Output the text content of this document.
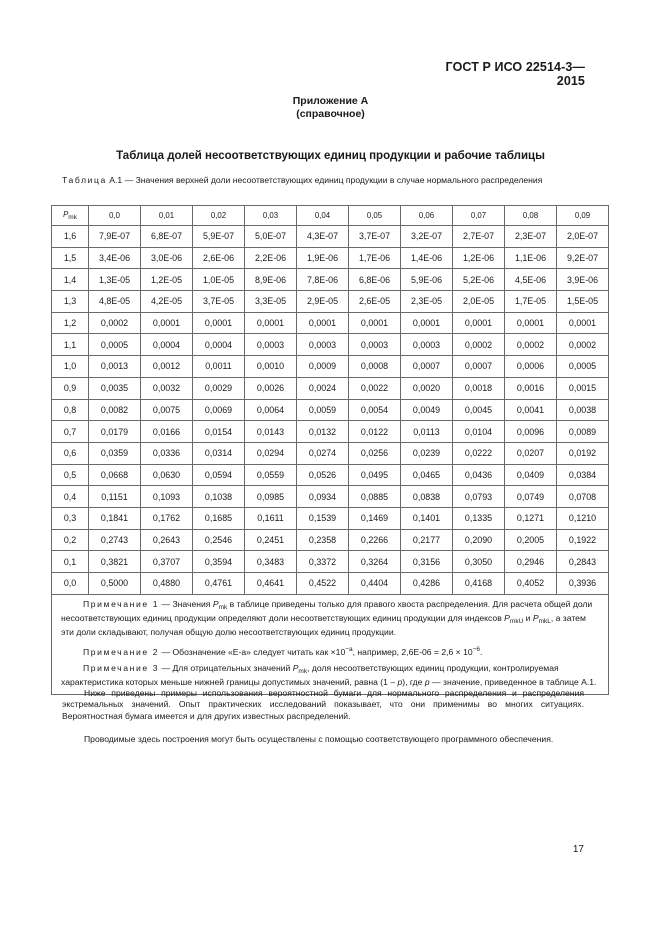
ГОСТ Р ИСО 22514-3—2015
Приложение А
(справочное)
Таблица долей несоответствующих единиц продукции и рабочие таблицы
Таблица А.1 — Значения верхней доли несоответствующих единиц продукции в случае нормального распределения
$P_{mk}$	0,0	0,01	0,02	0,03	0,04	0,05	0,06	0,07	0,08	0,09
1,6	7,9E-07	6,8E-07	5,9E-07	5,0E-07	4,3E-07	3,7E-07	3,2E-07	2,7E-07	2,3E-07	2,0E-07
1,5	3,4E-06	3,0E-06	2,6E-06	2,2E-06	1,9E-06	1,7E-06	1,4E-06	1,2E-06	1,1E-06	9,2E-07
1,4	1,3E-05	1,2E-05	1,0E-05	8,9E-06	7,8E-06	6,8E-06	5,9E-06	5,2E-06	4,5E-06	3,9E-06
1,3	4,8E-05	4,2E-05	3,7E-05	3,3E-05	2,9E-05	2,6E-05	2,3E-05	2,0E-05	1,7E-05	1,5E-05
1,2	0,0002	0,0001	0,0001	0,0001	0,0001	0,0001	0,0001	0,0001	0,0001	0,0001
1,1	0,0005	0,0004	0,0004	0,0003	0,0003	0,0003	0,0003	0,0002	0,0002	0,0002
1,0	0,0013	0,0012	0,0011	0,0010	0,0009	0,0008	0,0007	0,0007	0,0006	0,0005
0,9	0,0035	0,0032	0,0029	0,0026	0,0024	0,0022	0,0020	0,0018	0,0016	0,0015
0,8	0,0082	0,0075	0,0069	0,0064	0,0059	0,0054	0,0049	0,0045	0,0041	0,0038
0,7	0,0179	0,0166	0,0154	0,0143	0,0132	0,0122	0,0113	0,0104	0,0096	0,0089
0,6	0,0359	0,0336	0,0314	0,0294	0,0274	0,0256	0,0239	0,0222	0,0207	0,0192
0,5	0,0668	0,0630	0,0594	0,0559	0,0526	0,0495	0,0465	0,0436	0,0409	0,0384
0,4	0,1151	0,1093	0,1038	0,0985	0,0934	0,0885	0,0838	0,0793	0,0749	0,0708
0,3	0,1841	0,1762	0,1685	0,1611	0,1539	0,1469	0,1401	0,1335	0,1271	0,1210
0,2	0,2743	0,2643	0,2546	0,2451	0,2358	0,2266	0,2177	0,2090	0,2005	0,1922
0,1	0,3821	0,3707	0,3594	0,3483	0,3372	0,3264	0,3156	0,3050	0,2946	0,2843
0,0	0,5000	0,4880	0,4761	0,4641	0,4522	0,4404	0,4286	0,4168	0,4052	0,3936

Примечание 1 — Значения $P_{mk}$ в таблице приведены только для правого хвоста распределения. Для расчета общей доли несоответствующих единиц продукции определяют доли несоответствующих единиц продукции для индексов $P_{mkU}$ и $P_{mkL}$, а затем эти доли складывают, получая общую долю несоответствующих единиц продукции.

Примечание 2 — Обозначение «E-a» следует читать как $\times 10^{-a}$, например, $2,6E-06 = 2,6 \times 10^{-6}$.

Примечание 3 — Для отрицательных значений $P_{mk}$, доля несоответствующих единиц продукции, контролируемая характеристика которых меньше нижней границы допустимых значений, равна (1 – p), где p — значение, приведенное в таблице А.1.										

Ниже приведены примеры использования вероятностной бумаги для нормального распределения и распределения экстремальных значений. Опыт практических исследований показывает, что они применимы во многих ситуациях. Вероятностная бумага имеется и для других известных распределений.

Проводимые здесь построения могут быть осуществлены с помощью соответствующего программного обеспечения.

17
